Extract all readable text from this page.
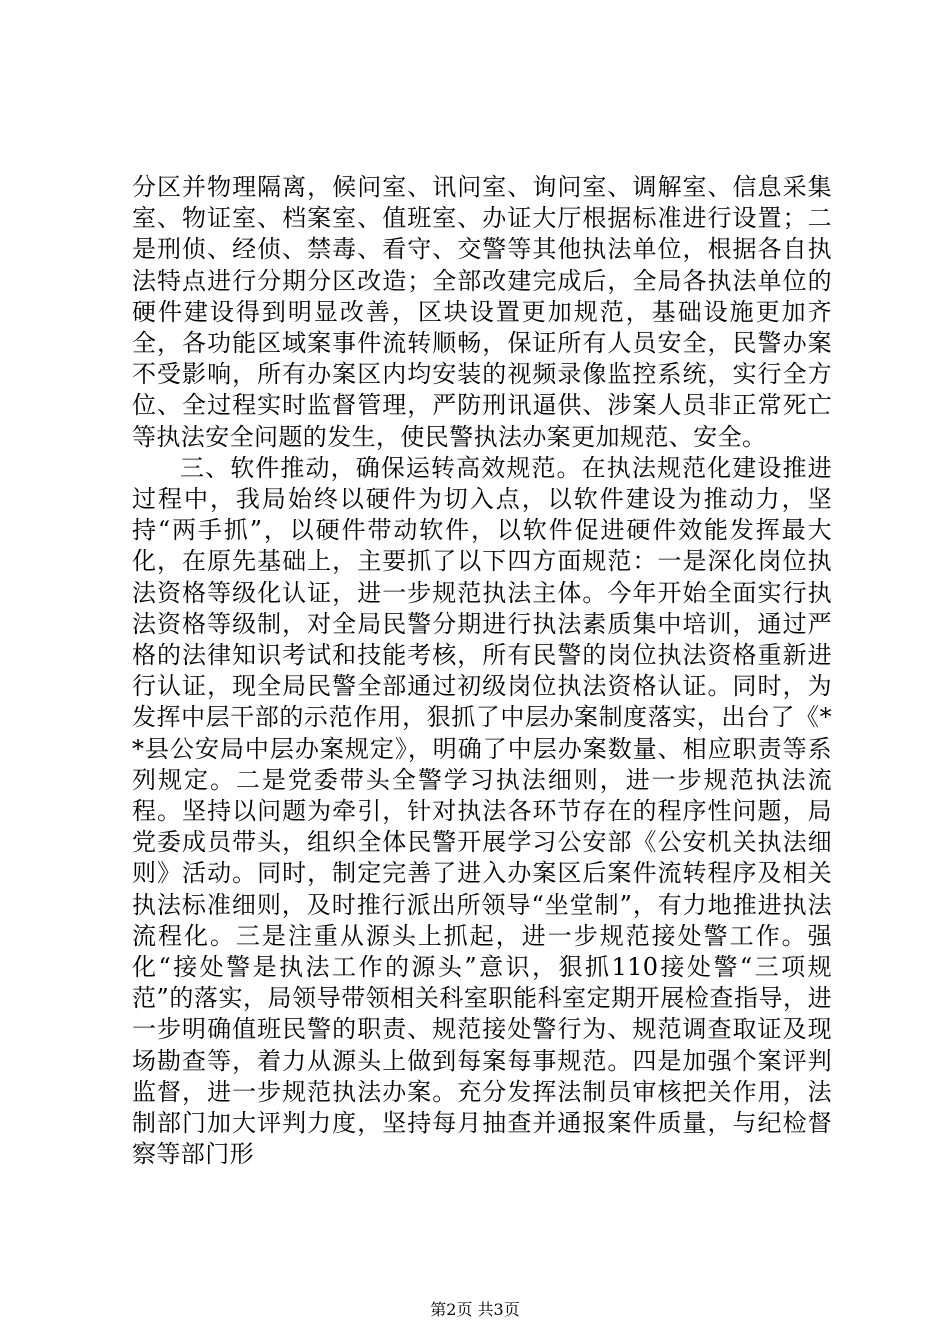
分区并物理隔离，候问室、讯问室、询问室、调解室、信息采集室、物证室、档案室、值班室、办证大厅根据标准进行设置；二是刑侦、经侦、禁毒、看守、交警等其他执法单位，根据各自执法特点进行分期分区改造；全部改建完成后，全局各执法单位的硬件建设得到明显改善，区块设置更加规范，基础设施更加齐全，各功能区域案事件流转顺畅，保证所有人员安全，民警办案不受影响，所有办案区内均安装的视频录像监控系统，实行全方位、全过程实时监督管理，严防刑讯逼供、涉案人员非正常死亡等执法安全问题的发生，使民警执法办案更加规范、安全。

三、软件推动，确保运转高效规范。在执法规范化建设推进过程中，我局始终以硬件为切入点，以软件建设为推动力，坚持“两手抓”，以硬件带动软件，以软件促进硬件效能发挥最大化，在原先基础上，主要抓了以下四方面规范：一是深化岗位执法资格等级化认证，进一步规范执法主体。今年开始全面实行执法资格等级制，对全局民警分期进行执法素质集中培训，通过严格的法律知识考试和技能考核，所有民警的岗位执法资格重新进行认证，现全局民警全部通过初级岗位执法资格认证。同时，为发挥中层干部的示范作用，狠抓了中层办案制度落实，出台了《**县公安局中层办案规定》，明确了中层办案数量、相应职责等系列规定。二是党委带头全警学习执法细则，进一步规范执法流程。坚持以问题为牵引，针对执法各环节存在的程序性问题，局党委成员带头，组织全体民警开展学习公安部《公安机关执法细则》活动。同时，制定完善了进入办案区后案件流转程序及相关执法标准细则，及时推行派出所领导“坐堂制”，有力地推进执法流程化。三是注重从源头上抓起，进一步规范接处警工作。强化“接处警是执法工作的源头”意识，狠抓110接处警“三项规范”的落实，局领导带领相关科室职能科室定期开展检查指导，进一步明确值班民警的职责、规范接处警行为、规范调查取证及现场勘查等，着力从源头上做到每案每事规范。四是加强个案评判监督，进一步规范执法办案。充分发挥法制员审核把关作用，法制部门加大评判力度，坚持每月抽查并通报案件质量，与纪检督察等部门形

第2页 共3页
